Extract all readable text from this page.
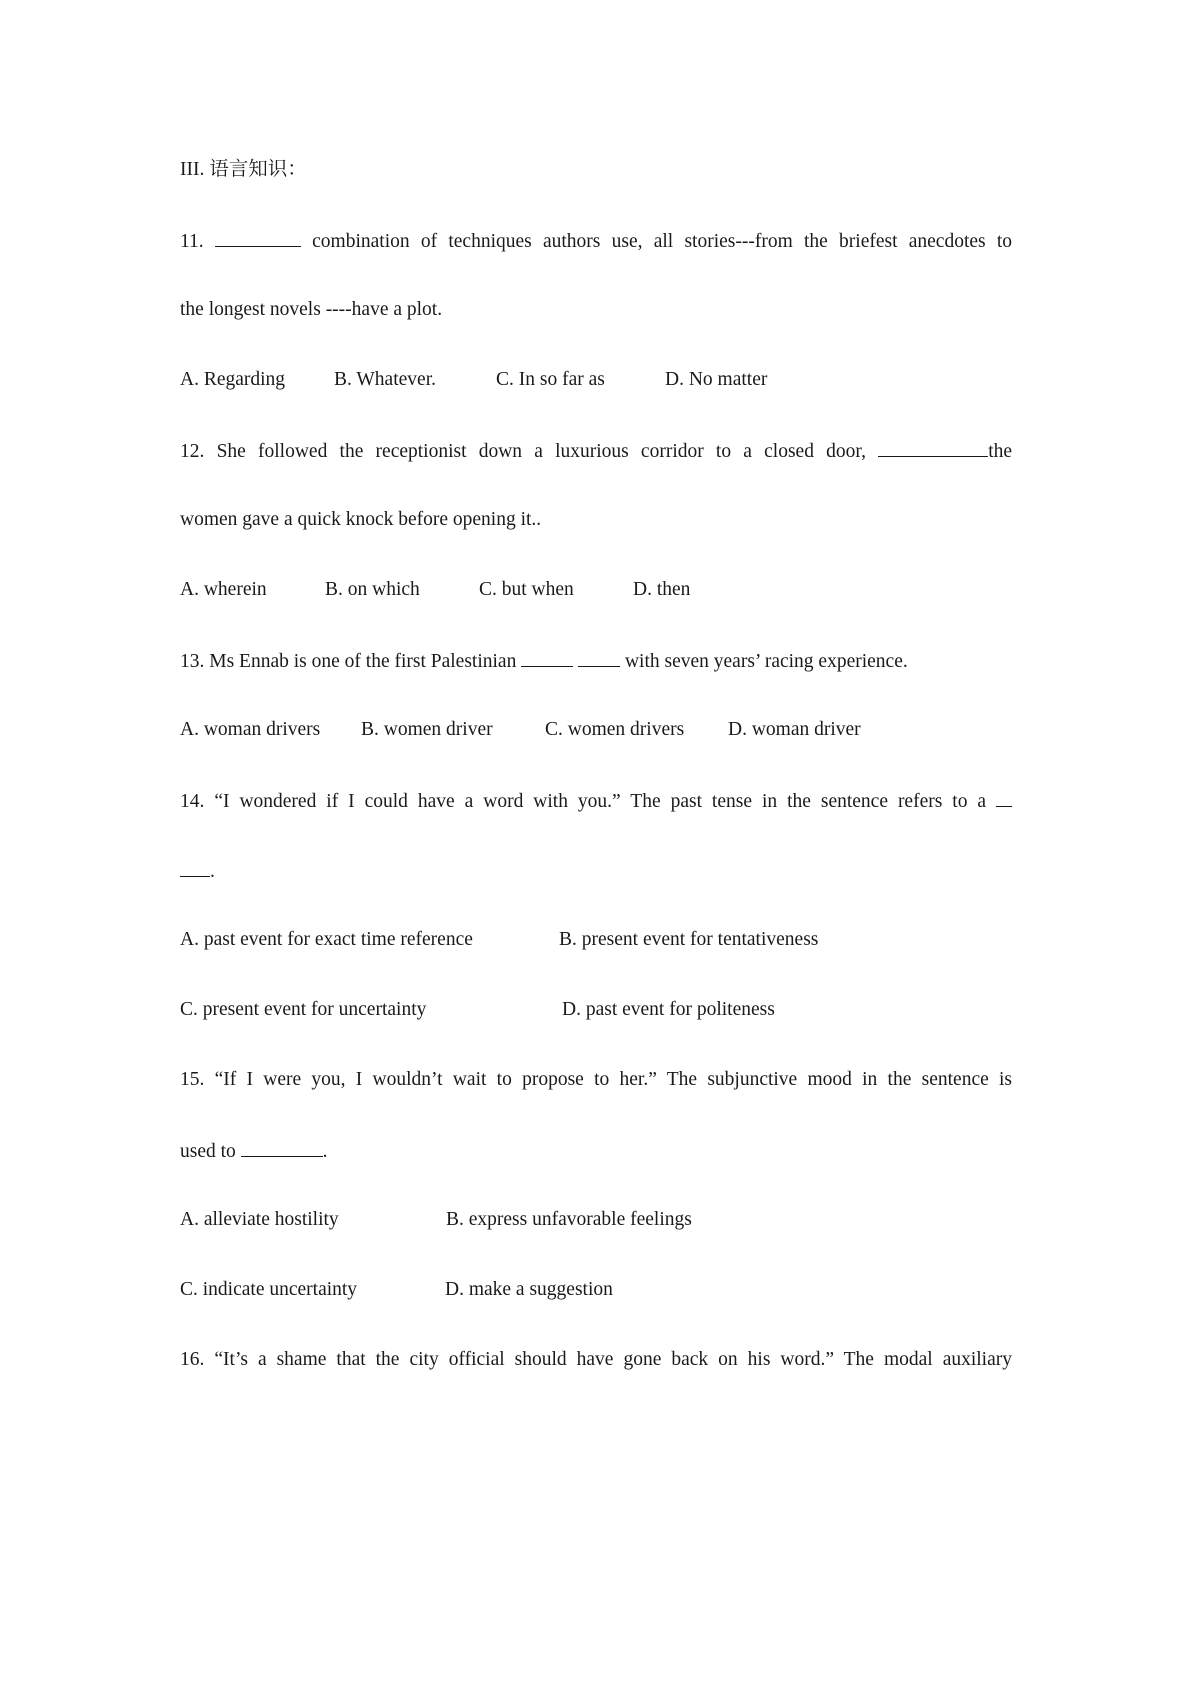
III. 语言知识：
11.	combination of techniques authors use, all stories---from the briefest anecdotes to
the longest novels ----have a plot.
A. Regarding	B. Whatever.	C. In so far as	D. No matter
12. She followed the receptionist down a luxurious corridor to a closed door,	the
women gave a quick knock before opening it..
A. wherein	B. on which	C. but when	D. then
13. Ms Ennab is one of the first Palestinian	with seven years’ racing experience.
A. woman drivers B. women driver	C. women drivers D. woman driver
14. “I wondered if I could have a word with you.” The past tense in the sentence refers to a
.
A. past event for exact time reference	B. present event for tentativeness
C. present event for uncertainty	D. past event for politeness
15. “If I were you, I wouldn’t wait to propose to her.” The subjunctive mood in the sentence is
used to	.
A. alleviate hostility	B. express unfavorable feelings
C. indicate uncertainty	D. make a suggestion
16. “It’s a shame that the city official should have gone back on his word.” The modal auxiliary
